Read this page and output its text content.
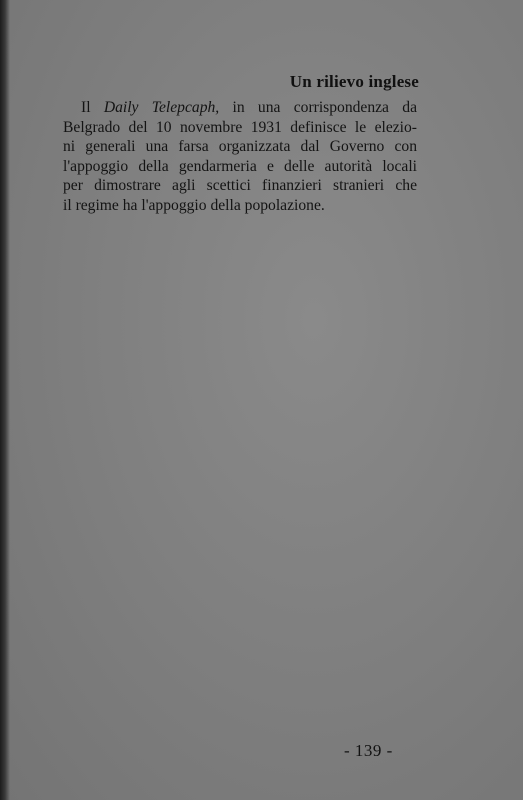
Un rilievo inglese
Il Daily Telepcaph, in una corrispondenza da
Belgrado del 10 novembre 1931 definisce le elezio-
ni generali una farsa organizzata dal Governo con
l'appoggio della gendarmeria e delle autorità locali
per dimostrare agli scettici finanzieri stranieri che
il regime ha l'appoggio della popolazione.
- 139 -
